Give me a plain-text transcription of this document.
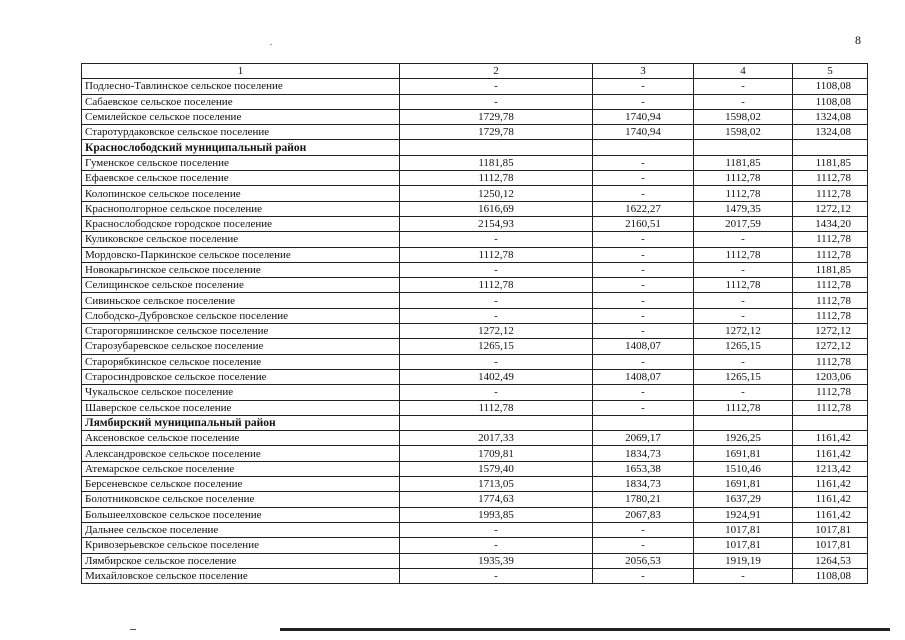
8
1	2	3	4	5
Подлесно-Тавлинское сельское поселение	-	-	-	1108,08
Сабаевское сельское поселение	-	-	-	1108,08
Семилейское сельское поселение	1729,78	1740,94	1598,02	1324,08
Старотурдаковское сельское поселение	1729,78	1740,94	1598,02	1324,08
Краснослободский муниципальный район				
Гуменское сельское поселение	1181,85	-	1181,85	1181,85
Ефаевское сельское поселение	1112,78	-	1112,78	1112,78
Колопинское сельское поселение	1250,12	-	1112,78	1112,78
Краснополгорное сельское поселение	1616,69	1622,27	1479,35	1272,12
Краснослободское городское поселение	2154,93	2160,51	2017,59	1434,20
Куликовское сельское поселение	-	-	-	1112,78
Мордовско-Паркинское сельское поселение	1112,78	-	1112,78	1112,78
Новокарьгинское сельское поселение	-	-	-	1181,85
Селищинское сельское поселение	1112,78	-	1112,78	1112,78
Сивиньское сельское поселение	-	-	-	1112,78
Слободско-Дубровское сельское поселение	-	-	-	1112,78
Старогоряшинское сельское поселение	1272,12	-	1272,12	1272,12
Старозубаревское сельское поселение	1265,15	1408,07	1265,15	1272,12
Старорябкинское сельское поселение	-	-	-	1112,78
Старосиндровское сельское поселение	1402,49	1408,07	1265,15	1203,06
Чукальское сельское поселение	-	-	-	1112,78
Шаверское сельское поселение	1112,78	-	1112,78	1112,78
Лямбирский муниципальный район				
Аксеновское сельское поселение	2017,33	2069,17	1926,25	1161,42
Александровское сельское поселение	1709,81	1834,73	1691,81	1161,42
Атемарское сельское поселение	1579,40	1653,38	1510,46	1213,42
Берсеневское сельское поселение	1713,05	1834,73	1691,81	1161,42
Болотниковское сельское поселение	1774,63	1780,21	1637,29	1161,42
Большеелховское сельское поселение	1993,85	2067,83	1924,91	1161,42
Дальнее сельское поселение	-	-	1017,81	1017,81
Кривозерьевское сельское поселение	-	-	1017,81	1017,81
Лямбирское сельское поселение	1935,39	2056,53	1919,19	1264,53
Михайловское сельское поселение	-	-	-	1108,08
